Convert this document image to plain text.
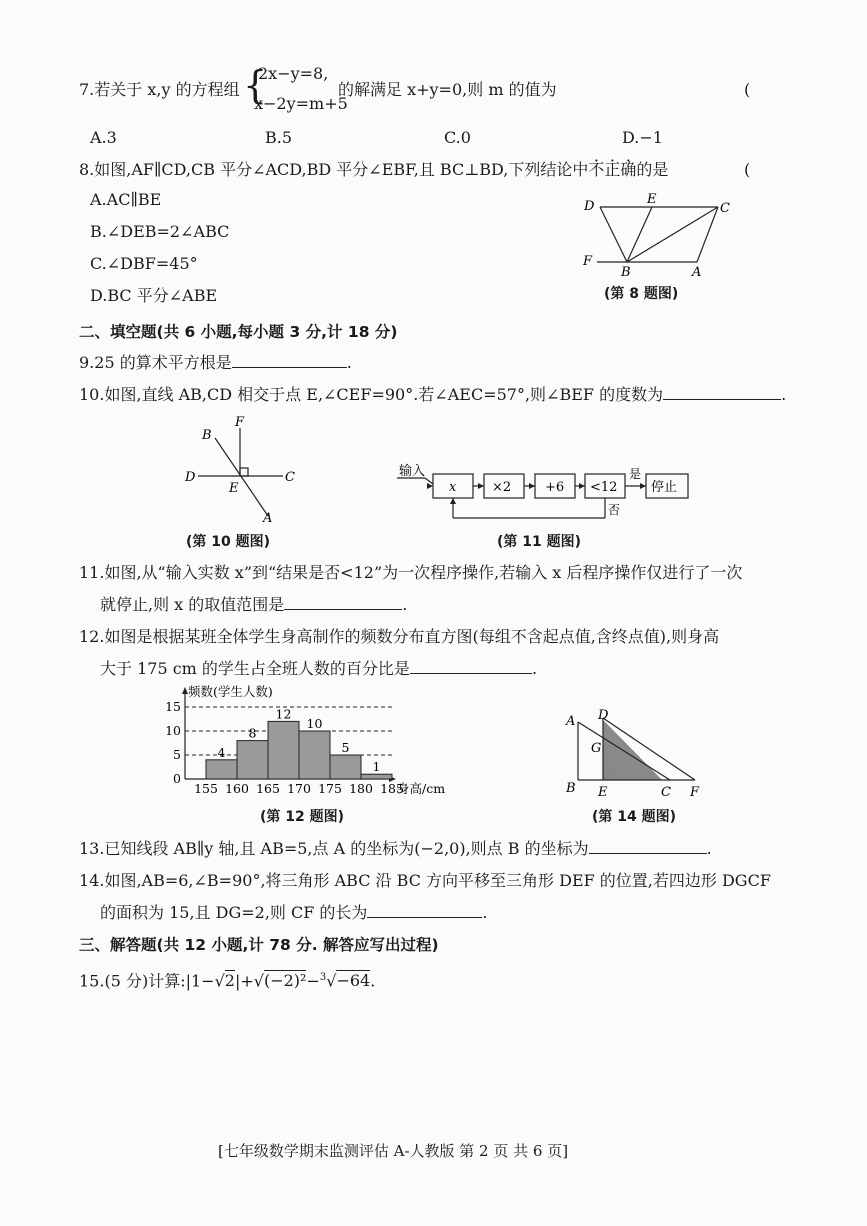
7.若关于 x,y 的方程组 {
2x−y=8,
x−2y=m+5
的解满足 x+y=0,则 m 的值为	(
A.3	B.5	C.0	D.−1
8.如图,AF∥CD,CB 平分∠ACD,BD 平分∠EBF,且 BC⊥BD,下列结论中不正确的是	(
A.AC∥BE
B.∠DEB=2∠ABC
C.∠DBF=45°
D.BC 平分∠ABE
D	E
C
F
B	A
(第 8 题图)
二、填空题(共 6 小题,每小题 3 分,计 18 分)
9.25 的算术平方根是	.
10.如图,直线 AB,CD 相交于点 E,∠CEF=90°.若∠AEC=57°,则∠BEF 的度数为	.
B
F
D
E
C
A
(第 10 题图)
输入
x	×2	+6 <12	停止
是
否
(第 11 题图)
11.如图,从“输入实数 x”到“结果是否<12”为一次程序操作,若输入 x 后程序操作仅进行了一次
就停止,则 x 的取值范围是	.
12.如图是根据某班全体学生身高制作的频数分布直方图(每组不含起点值,含终点值),则身高
大于 175 cm 的学生占全班人数的百分比是	.
频数(学生人数)
身高/cm
0
5
10
15
4
8
12
10
5
1
155 160 165 170 175 180 185
(第 12 题图)
A D
G
B E	C F
(第 14 题图)
13.已知线段 AB∥y 轴,且 AB=5,点 A 的坐标为(−2,0),则点 B 的坐标为	.
14.如图,AB=6,∠B=90°,将三角形 ABC 沿 BC 方向平移至三角形 DEF 的位置,若四边形 DGCF
的面积为 15,且 DG=2,则 CF 的长为	.
三、解答题(共 12 小题,计 78 分. 解答应写出过程)
15.(5 分)计算:|1−√2|+√(−2)²−$^3$√−64.
[七年级数学期末监测评估 A-人教版 第 2 页 共 6 页]
